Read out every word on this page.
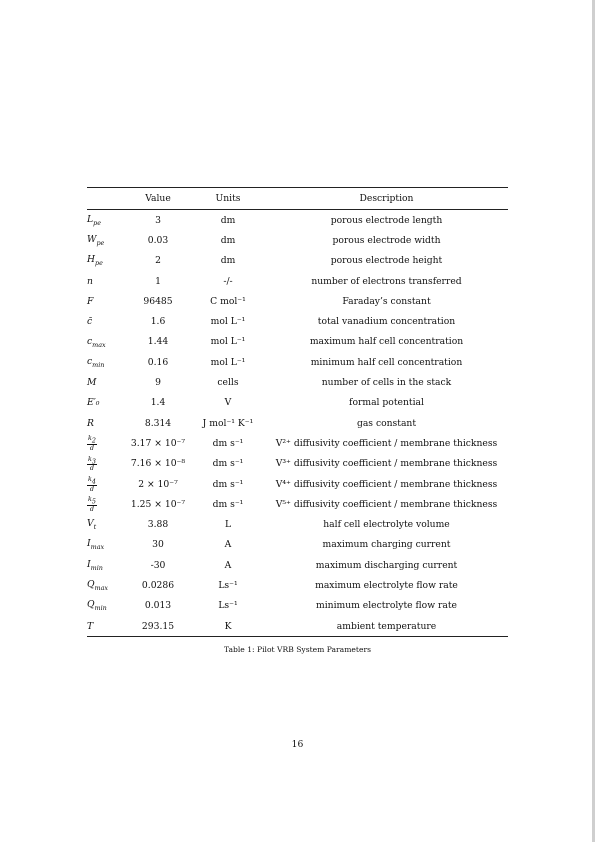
	Value	Units	Description
$L_{pe}$	3	dm	porous electrode length
$W_{pe}$	0.03	dm	porous electrode width
$H_{pe}$	2	dm	porous electrode height
n	1	-/-	number of electrons transferred
F	96485	C mol⁻¹	Faraday’s constant
c̄	1.6	mol L⁻¹	total vanadium concentration
$c_{max}$	1.44	mol L⁻¹	maximum half cell concentration
$c_{min}$	0.16	mol L⁻¹	minimum half cell concentration
M	9	cells	number of cells in the stack
E′₀	1.4	V	formal potential
R	8.314	J mol⁻¹ K⁻¹	gas constant

$\frac{k_2}{d}$	3.17 × 10⁻⁷	dm s⁻¹	V²⁺ diffusivity coefficient / membrane thickness

$\frac{k_3}{d}$	7.16 × 10⁻⁸	dm s⁻¹	V³⁺ diffusivity coefficient / membrane thickness

$\frac{k_4}{d}$	2 × 10⁻⁷	dm s⁻¹	V⁴⁺ diffusivity coefficient / membrane thickness

$\frac{k_5}{d}$	1.25 × 10⁻⁷	dm s⁻¹	V⁵⁺ diffusivity coefficient / membrane thickness
$V_t$	3.88	L	half cell electrolyte volume
$I_{max}$	30	A	maximum charging current
$I_{min}$	-30	A	maximum discharging current
$Q_{max}$	0.0286	Ls⁻¹	maximum electrolyte flow rate
$Q_{min}$	0.013	Ls⁻¹	minimum electrolyte flow rate
T	293.15	K	ambient temperature
Table 1: Pilot VRB System Parameters
16
